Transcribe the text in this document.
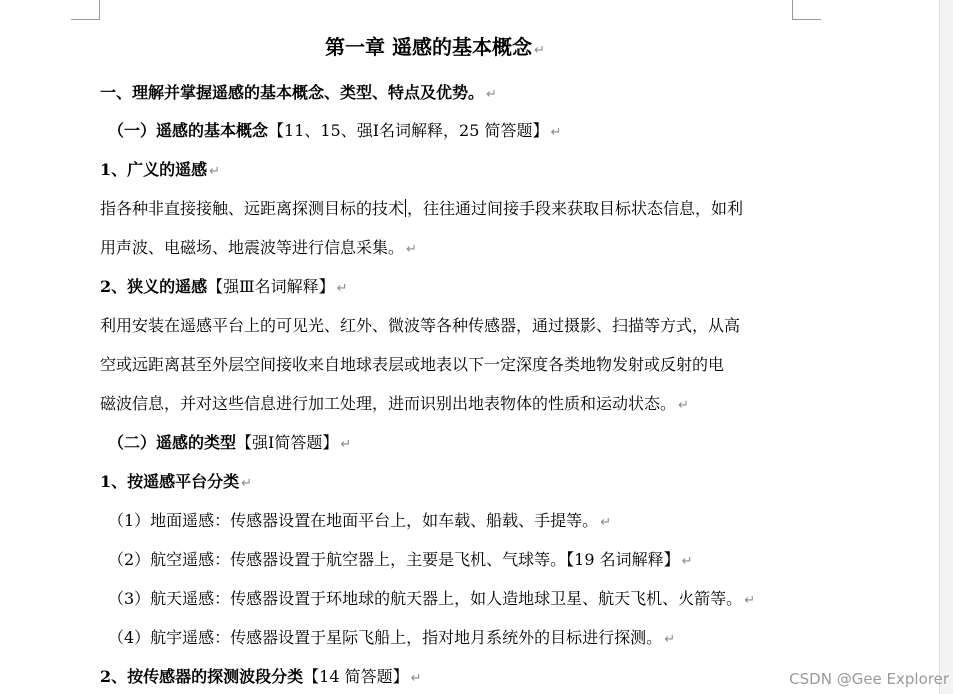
第一章 遥感的基本概念 ↵
一、理解并掌握遥感的基本概念、类型、特点及优势。 ↵
（一）遥感的基本概念【11、15、强Ⅰ名词解释，25 简答题】 ↵
1、广义的遥感 ↵
指各种非直接接触、远距离探测目标的技术 ，往往通过间接手段来获取目标状态信息，如利
用声波、电磁场、地震波等进行信息采集。 ↵
2、狭义的遥感【强Ⅲ名词解释】 ↵
利用安装在遥感平台上的可见光、红外、微波等各种传感器，通过摄影、扫描等方式，从高
空或远距离甚至外层空间接收来自地球表层或地表以下一定深度各类地物发射或反射的电
磁波信息，并对这些信息进行加工处理，进而识别出地表物体的性质和运动状态。 ↵
（二）遥感的类型【强Ⅰ简答题】 ↵
1、按遥感平台分类 ↵
（1）地面遥感：传感器设置在地面平台上，如车载、船载、手提等。 ↵
（2）航空遥感：传感器设置于航空器上，主要是飞机、气球等。【19 名词解释】 ↵
（3）航天遥感：传感器设置于环地球的航天器上，如人造地球卫星、航天飞机、火箭等。 ↵
（4）航宇遥感：传感器设置于星际飞船上，指对地月系统外的目标进行探测。 ↵
2、按传感器的探测波段分类【14 简答题】 ↵	CSDN @Gee Explorer
